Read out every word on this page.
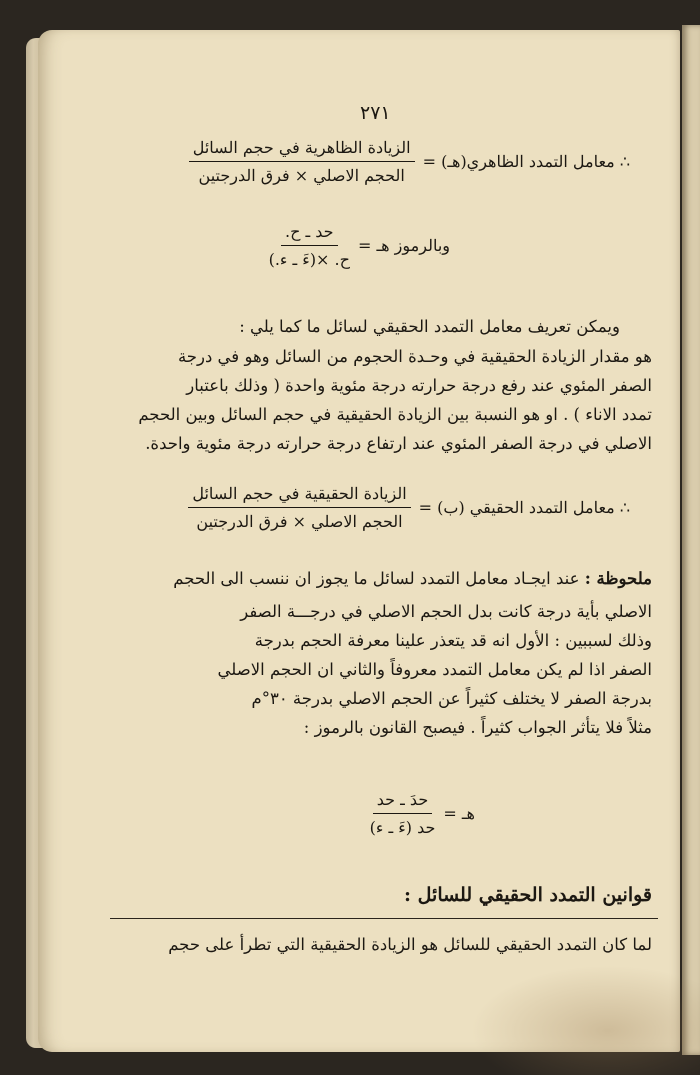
٢٧١
∴ معامل التمدد الظاهري(هـ) =
$\frac{\text{الزيادة الظاهرية في حجم السائل}}{\text{الحجم الاصلي × فرق الدرجتين}}$
وبالرموز هـ =
$\frac{\text{حد ـ ح.}}{\text{ح. ×(ءَ ـ ء.)}}$

ويمكن تعريف معامل التمدد الحقيقي لسائل ما كما يلي :

هو مقدار الزيادة الحقيقية في وحـدة الحجوم من السائل وهو في درجة

الصفر المئوي عند رفع درجة حرارته درجة مئوية واحدة ( وذلك باعتبار

تمدد الاناء ) . او هو النسبة بين الزيادة الحقيقية في حجم السائل وبين الحجم

الاصلي في درجة الصفر المئوي عند ارتفاع درجة حرارته درجة مئوية واحدة.

∴ معامل التمدد الحقيقي (ب) =
$\frac{\text{الزيادة الحقيقية في حجم السائل}}{\text{الحجم الاصلي × فرق الدرجتين}}$

ملحوظة : عند ايجـاد معامل التمدد لسائل ما يجوز ان ننسب الى الحجم

الاصلي بأية درجة كانت بدل الحجم الاصلي في درجـــة الصفر

وذلك لسببين : الأول انه قد يتعذر علينا معرفة الحجم بدرجة

الصفر اذا لم يكن معامل التمدد معروفاً والثاني ان الحجم الاصلي

بدرجة الصفر لا يختلف كثيراً عن الحجم الاصلي بدرجة ٣٠°م

مثلاً فلا يتأثر الجواب كثيراً . فيصبح القانون بالرموز :

هـ =
$\frac{\text{حدَ ـ حد}}{\text{حد (ءَ ـ ء)}}$
قوانين التمدد الحقيقي للسائل :

لما كان التمدد الحقيقي للسائل هو الزيادة الحقيقية التي تطرأ على حجم
